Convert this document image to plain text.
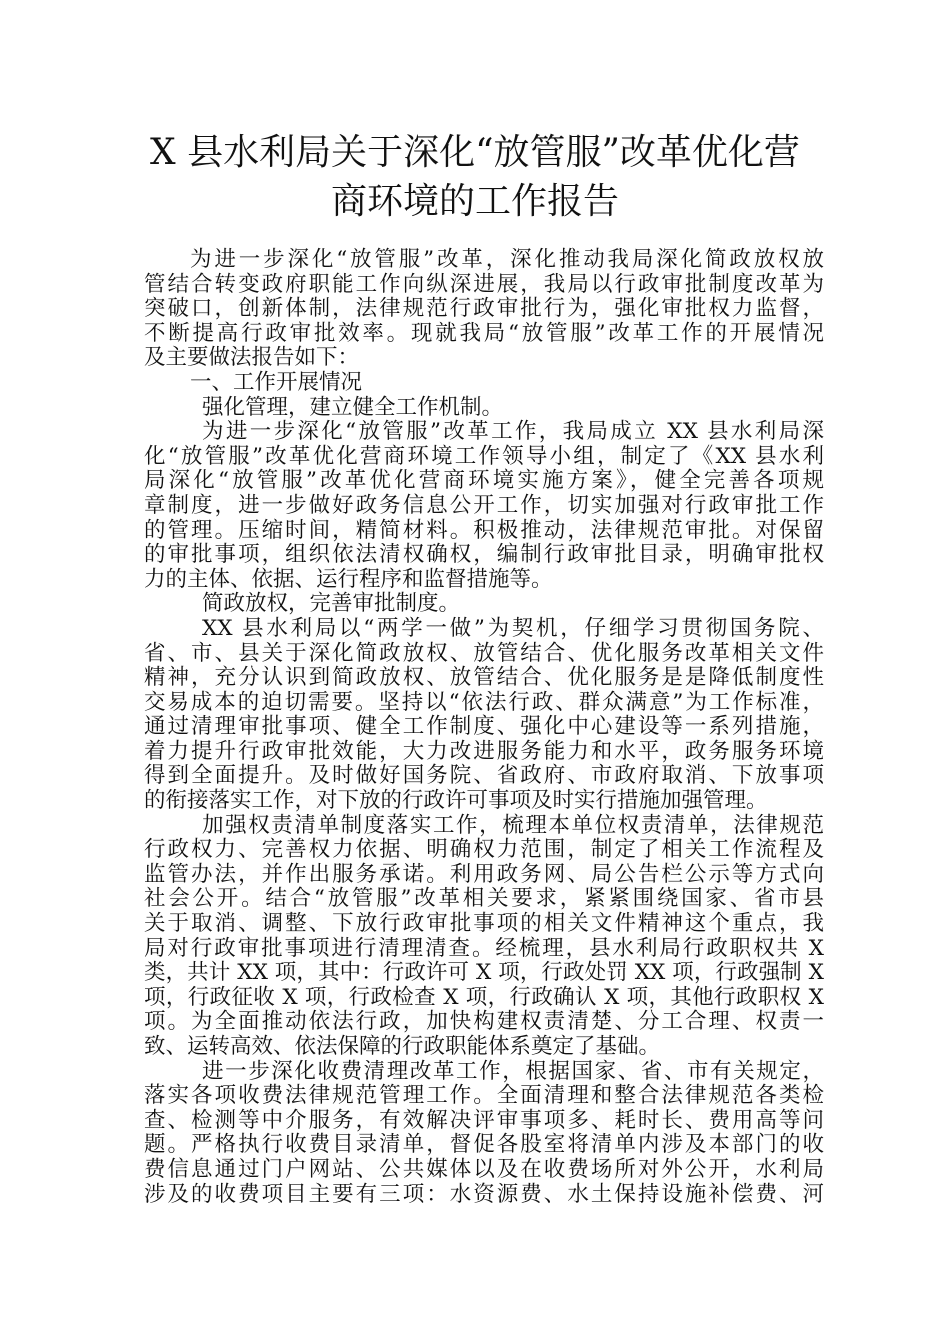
X 县水利局关于深化“放管服”改革优化营
商环境的工作报告
为进一步深化“放管服”改革，深化推动我局深化简政放权放
管结合转变政府职能工作向纵深进展，我局以行政审批制度改革为
突破口，创新体制，法律规范行政审批行为，强化审批权力监督，
不断提高行政审批效率。现就我局“放管服”改革工作的开展情况
及主要做法报告如下：
一、工作开展情况
强化管理，建立健全工作机制。
为进一步深化“放管服”改革工作，我局成立 XX 县水利局深
化“放管服”改革优化营商环境工作领导小组，制定了《XX 县水利
局深化“放管服”改革优化营商环境实施方案》，健全完善各项规
章制度，进一步做好政务信息公开工作，切实加强对行政审批工作
的管理。压缩时间，精简材料。积极推动，法律规范审批。对保留
的审批事项，组织依法清权确权，编制行政审批目录，明确审批权
力的主体、依据、运行程序和监督措施等。
简政放权，完善审批制度。
XX 县水利局以“两学一做”为契机，仔细学习贯彻国务院、
省、市、县关于深化简政放权、放管结合、优化服务改革相关文件
精神，充分认识到简政放权、放管结合、优化服务是是降低制度性
交易成本的迫切需要。坚持以“依法行政、群众满意”为工作标准，
通过清理审批事项、健全工作制度、强化中心建设等一系列措施，
着力提升行政审批效能，大力改进服务能力和水平，政务服务环境
得到全面提升。及时做好国务院、省政府、市政府取消、下放事项
的衔接落实工作，对下放的行政许可事项及时实行措施加强管理。
加强权责清单制度落实工作，梳理本单位权责清单，法律规范
行政权力、完善权力依据、明确权力范围，制定了相关工作流程及
监管办法，并作出服务承诺。利用政务网、局公告栏公示等方式向
社会公开。结合“放管服”改革相关要求，紧紧围绕国家、省市县
关于取消、调整、下放行政审批事项的相关文件精神这个重点，我
局对行政审批事项进行清理清查。经梳理，县水利局行政职权共 X
类，共计 XX 项，其中：行政许可 X 项，行政处罚 XX 项，行政强制 X
项，行政征收 X 项，行政检查 X 项，行政确认 X 项，其他行政职权 X
项。为全面推动依法行政，加快构建权责清楚、分工合理、权责一
致、运转高效、依法保障的行政职能体系奠定了基础。
进一步深化收费清理改革工作，根据国家、省、市有关规定，
落实各项收费法律规范管理工作。全面清理和整合法律规范各类检
查、检测等中介服务，有效解决评审事项多、耗时长、费用高等问
题。严格执行收费目录清单，督促各股室将清单内涉及本部门的收
费信息通过门户网站、公共媒体以及在收费场所对外公开，水利局
涉及的收费项目主要有三项：水资源费、水土保持设施补偿费、河
